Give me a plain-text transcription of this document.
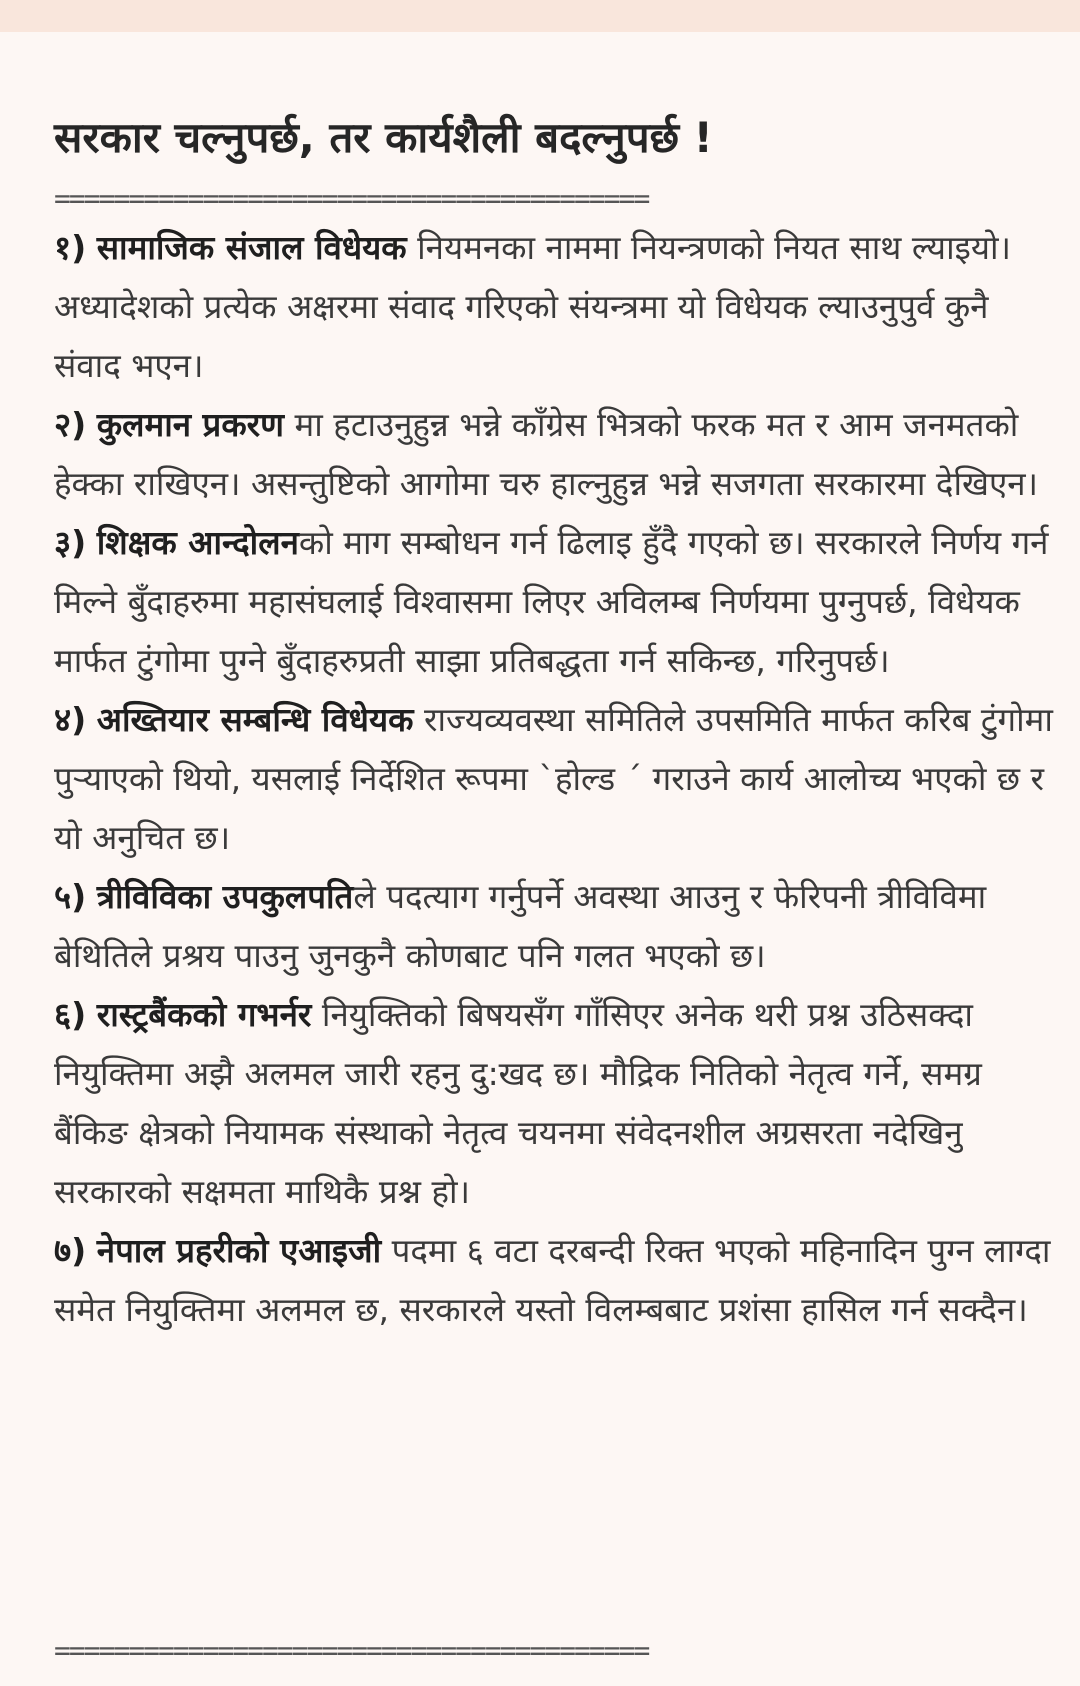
सरकार चल्नुपर्छ, तर कार्यशैली बदल्नुपर्छ !
========================================
१) सामाजिक संजाल विधेयक नियमनका नाममा नियन्त्रणको नियत साथ ल्याइयो। अध्यादेशको प्रत्येक अक्षरमा संवाद गरिएको संयन्त्रमा यो विधेयक ल्याउनुपुर्व कुनै संवाद भएन।
२) कुलमान प्रकरण मा हटाउनुहुन्न भन्ने काँग्रेस भित्रको फरक मत र आम जनमतको हेक्का राखिएन। असन्तुष्टिको आगोमा चरु हाल्नुहुन्न भन्ने सजगता सरकारमा देखिएन।
३) शिक्षक आन्दोलनको माग सम्बोधन गर्न ढिलाइ हुँदै गएको छ। सरकारले निर्णय गर्न मिल्ने बुँदाहरुमा महासंघलाई विश्वासमा लिएर अविलम्ब निर्णयमा पुग्नुपर्छ, विधेयक मार्फत टुंगोमा पुग्ने बुँदाहरुप्रती साझा प्रतिबद्धता गर्न सकिन्छ, गरिनुपर्छ।
४) अख्तियार सम्बन्धि विधेयक राज्यव्यवस्था समितिले उपसमिति मार्फत करिब टुंगोमा पुऱ्याएको थियो, यसलाई निर्देशित रूपमा `होल्ड ´ गराउने कार्य आलोच्य भएको छ र यो अनुचित छ।
५) त्रीविविका उपकुलपतिले पदत्याग गर्नुपर्ने अवस्था आउनु र फेरिपनी त्रीविविमा बेथितिले प्रश्रय पाउनु जुनकुनै कोणबाट पनि गलत भएको छ।
६) रास्ट्रबैंकको गभर्नर नियुक्तिको बिषयसँग गाँसिएर अनेक थरी प्रश्न उठिसक्दा नियुक्तिमा अझै अलमल जारी रहनु दु:खद छ। मौद्रिक नितिको नेतृत्व गर्ने, समग्र बैंकिङ क्षेत्रको नियामक संस्थाको नेतृत्व चयनमा संवेदनशील अग्रसरता नदेखिनु सरकारको सक्षमता माथिकै प्रश्न हो।
७) नेपाल प्रहरीको एआइजी पदमा ६ वटा दरबन्दी रिक्त भएको महिनादिन पुग्न लाग्दा समेत नियुक्तिमा अलमल छ, सरकारले यस्तो विलम्बबाट प्रशंसा हासिल गर्न सक्दैन।
========================================
